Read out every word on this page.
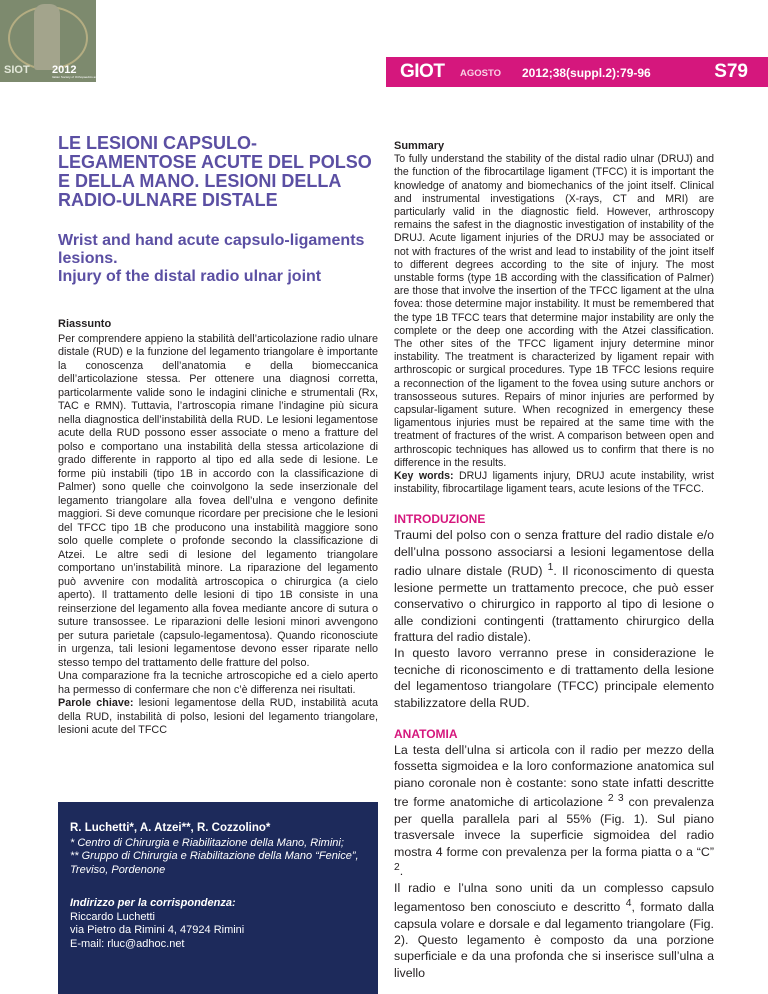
SIOT 2012
Italian Society of Orthopaedics and Traumatology	GIOT AGOSTO 2012;38(suppl.2):79-96	S79
LE LESIONI CAPSULO-LEGAMENTOSE ACUTE DEL POLSO E DELLA MANO. LESIONI DELLA RADIO-ULNARE DISTALE
Wrist and hand acute capsulo-ligaments lesions.
Injury of the distal radio ulnar joint
Riassunto

Per comprendere appieno la stabilità dell’articolazione radio ulnare distale (RUD) e la funzione del legamento triangolare è importante la conoscenza dell’anatomia e della biomeccanica dell’articolazione stessa. Per ottenere una diagnosi corretta, particolarmente valide sono le indagini cliniche e strumentali (Rx, TAC e RMN). Tuttavia, l’artroscopia rimane l’indagine più sicura nella diagnostica dell’instabilità della RUD. Le lesioni legamentose acute della RUD possono esser associate o meno a fratture del polso e comportano una instabilità della stessa articolazione di grado differente in rapporto al tipo ed alla sede di lesione. Le forme più instabili (tipo 1B in accordo con la classificazione di Palmer) sono quelle che coinvolgono la sede inserzionale del legamento triangolare alla fovea dell’ulna e vengono definite maggiori. Si deve comunque ricordare per precisione che le lesioni del TFCC tipo 1B che producono una instabilità maggiore sono solo quelle complete o profonde secondo la classificazione di Atzei. Le altre sedi di lesione del legamento triangolare comportano un’instabilità minore. La riparazione del legamento può avvenire con modalità artroscopica o chirurgica (a cielo aperto). Il trattamento delle lesioni di tipo 1B consiste in una reinserzione del legamento alla fovea mediante ancore di sutura o suture transossee. Le riparazioni delle lesioni minori avvengono per sutura parietale (capsulo-legamentosa). Quando riconosciute in urgenza, tali lesioni legamentose devono esser riparate nello stesso tempo del trattamento delle fratture del polso.

Una comparazione fra la tecniche artroscopiche ed a cielo aperto ha permesso di confermare che non c’è differenza nei risultati.

Parole chiave: lesioni legamentose della RUD, instabilità acuta della RUD, instabilità di polso, lesioni del legamento triangolare, lesioni acute del TFCC

R. Luchetti*, A. Atzei**, R. Cozzolino*
* Centro di Chirurgia e Riabilitazione della Mano, Rimini;
** Gruppo di Chirurgia e Riabilitazione della Mano “Fenice”, Treviso, Pordenone
Indirizzo per la corrispondenza:
Riccardo Luchetti
via Pietro da Rimini 4, 47924 Rimini
E-mail: rluc@adhoc.net
Summary

To fully understand the stability of the distal radio ulnar (DRUJ) and the function of the fibrocartilage ligament (TFCC) it is important the knowledge of anatomy and biomechanics of the joint itself. Clinical and instrumental investigations (X-rays, CT and MRI) are particularly valid in the diagnostic field. However, arthroscopy remains the safest in the diagnostic investigation of instability of the DRUJ. Acute ligament injuries of the DRUJ may be associated or not with fractures of the wrist and lead to instability of the joint itself to different degrees according to the site of injury. The most unstable forms (type 1B according with the classification of Palmer) are those that involve the insertion of the TFCC ligament at the ulna fovea: those determine major instability. It must be remembered that the type 1B TFCC tears that determine major instability are only the complete or the deep one according with the Atzei classification. The other sites of the TFCC ligament injury determine minor instability. The treatment is characterized by ligament repair with arthroscopic or surgical procedures. Type 1B TFCC lesions require a reconnection of the ligament to the fovea using suture anchors or transosseous sutures. Repairs of minor injuries are performed by capsular-ligament suture. When recognized in emergency these ligamentous injuries must be repaired at the same time with the treatment of fractures of the wrist. A comparison between open and arthroscopic techniques has allowed us to confirm that there is no difference in the results.

Key words: DRUJ ligaments injury, DRUJ acute instability, wrist instability, fibrocartilage ligament tears, acute lesions of the TFCC.

INTRODUZIONE

Traumi del polso con o senza fratture del radio distale e/o dell’ulna possono associarsi a lesioni legamentose della radio ulnare distale (RUD) $^1$. Il riconoscimento di questa lesione permette un trattamento precoce, che può esser conservativo o chirurgico in rapporto al tipo di lesione o alle condizioni contingenti (trattamento chirurgico della frattura del radio distale).

In questo lavoro verranno prese in considerazione le tecniche di riconoscimento e di trattamento della lesione del legamentoso triangolare (TFCC) principale elemento stabilizzatore della RUD.

ANATOMIA

La testa dell’ulna si articola con il radio per mezzo della fossetta sigmoidea e la loro conformazione anatomica sul piano coronale non è costante: sono state infatti descritte tre forme anatomiche di articolazione $^{2 3}$ con prevalenza per quella parallela pari al 55% (Fig. 1). Sul piano trasversale invece la superficie sigmoidea del radio mostra 4 forme con prevalenza per la forma piatta o a “C” $^2$.

Il radio e l’ulna sono uniti da un complesso capsulo legamentoso ben conosciuto e descritto $^4$, formato dalla capsula volare e dorsale e dal legamento triangolare (Fig. 2). Questo legamento è composto da una porzione superficiale e da una profonda che si inserisce sull’ulna a livello
